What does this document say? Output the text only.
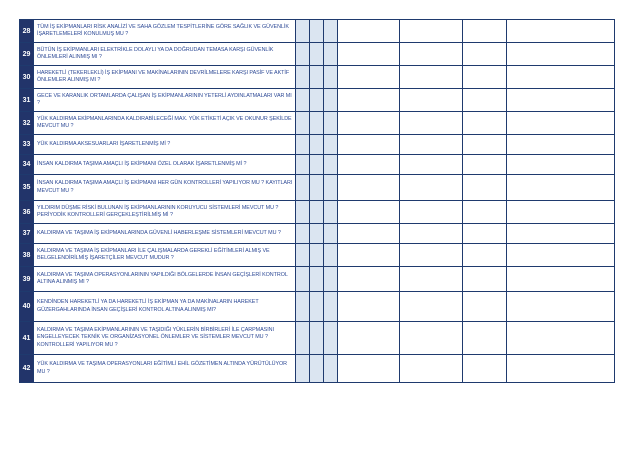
28	TÜM İŞ EKİPMANLARI RİSK ANALİZİ VE SAHA GÖZLEM TESPİTLERİNE GÖRE SAĞLIK VE GÜVENLİK İŞARETLEMELERİ KONULMUŞ MU ?							
29	BÜTÜN İŞ EKİPMANLARI ELEKTRİKLE DOLAYLI YA DA DOĞRUDAN TEMASA KARŞI GÜVENLİK ÖNLEMLERİ ALINMIŞ MI ?							
30	HAREKETLİ (TEKERLEKLİ) İŞ EKİPMANI VE MAKİNALARININ DEVRİLMELERE KARŞI PASİF VE AKTİF ÖNLEMLER ALINMIŞ MI ?							
31	GECE VE KARANLIK ORTAMLARDA ÇALIŞAN İŞ EKİPMANLARININ YETERLİ AYDINLATMALARI VAR MI ?							
32	YÜK KALDIRMA EKİPMANLARINDA KALDIRABİLECEĞİ MAX. YÜK ETİKETİ AÇIK VE OKUNUR ŞEKİLDE MEVCUT MU ?							
33	YÜK KALDIRMA AKSESUARLARI İŞARETLENMİŞ Mİ ?							
34	İNSAN KALDIRMA TAŞIMA AMAÇLI İŞ EKİPMANI ÖZEL OLARAK İŞARETLENMİŞ Mİ ?							
35	İNSAN KALDIRMA TAŞIMA AMAÇLI İŞ EKİPMANI HER GÜN KONTROLLERİ YAPILIYOR MU ? KAYITLARI MEVCUT MU ?							
36	YILDIRIM DÜŞME RİSKİ BULUNAN İŞ EKİPMANLARININ KORUYUCU SİSTEMLERİ MEVCUT MU ? PERİYODİK KONTROLLERİ GERÇEKLEŞTİRİLMİŞ Mİ ?							
37	KALDIRMA VE TAŞIMA İŞ EKİPMANLARINDA GÜVENLİ HABERLEŞME SİSTEMLERİ MEVCUT MU ?							
38	KALDIRMA VE TAŞIMA İŞ EKİPMANLARI İLE ÇALIŞMALARDA GEREKLİ EĞİTİMLERİ ALMIŞ VE BELGELENDİRİLMİŞ İŞARETÇİLER MEVCUT MUDUR ?							
39	KALDIRMA VE TAŞIMA OPERASYONLARININ YAPILDIĞI BÖLGELERDE İNSAN GEÇİŞLERİ KONTROL ALTINA ALINMIŞ MI ?							
40	KENDİNDEN HAREKETLİ YA DA HAREKETLİ İŞ EKİPMAN YA DA MAKİNALARIN HAREKET GÜZERGAHLARINDA İNSAN GEÇİŞLERİ KONTROL ALTINA ALINMIŞ MI?							
41	KALDIRMA VE TAŞIMA EKİPMANLARININ VE TAŞIDIĞI YÜKLERİN BİRBİRLERİ İLE ÇARPMASINI ENGELLEYECEK TEKNİK VE ORGANİZASYONEL ÖNLEMLER VE SİSTEMLER MEVCUT MU ? KONTROLLERİ YAPILIYOR MU ?							
42	YÜK KALDIRMA VE TAŞIMA OPERASYONLARI EĞİTİMLİ EHİL GÖZETİMEN ALTINDA YÜRÜTÜLÜYOR MU ?							
